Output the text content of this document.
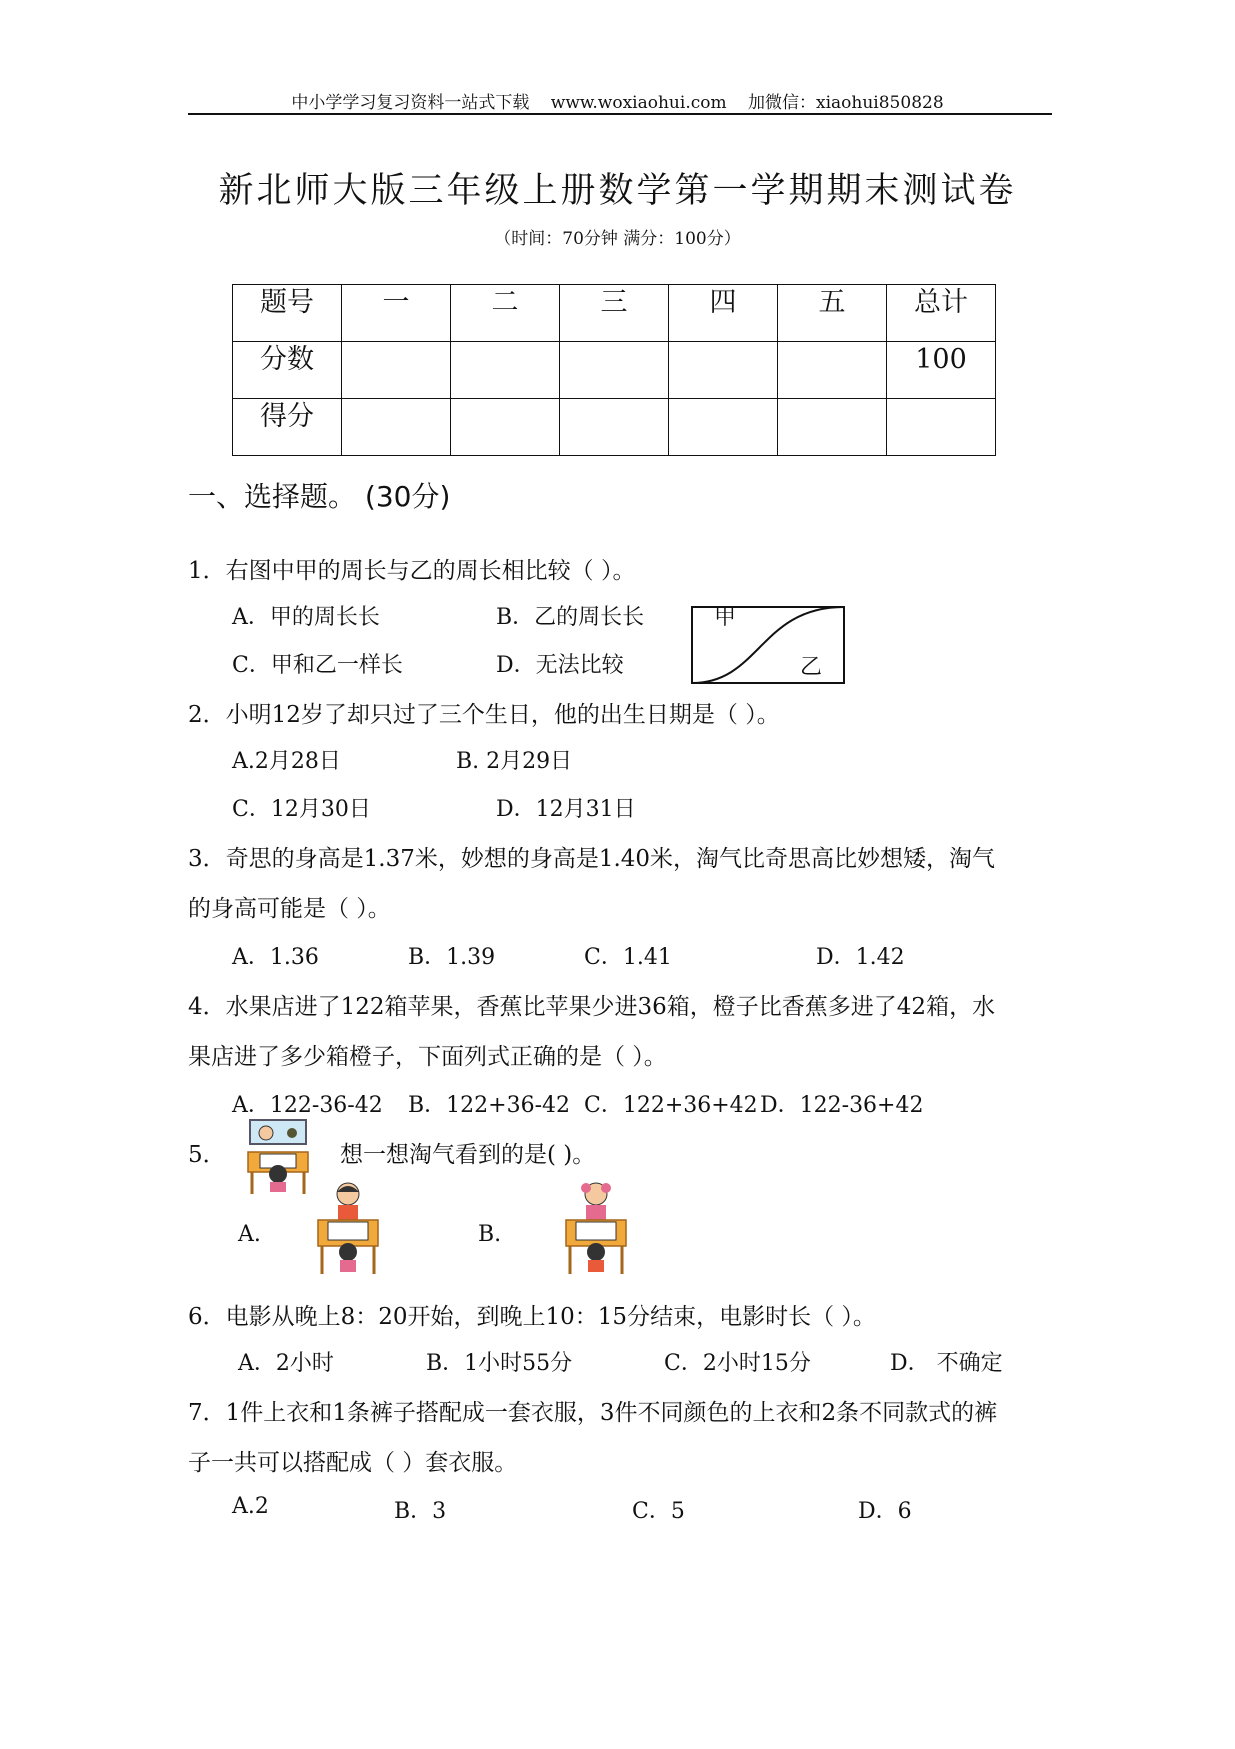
中小学学习复习资料一站式下载 www.woxiaohui.com 加微信：xiaohui850828
新北师大版三年级上册数学第一学期期末测试卷
（时间：70分钟 满分：100分）
题号	一	二	三	四	五	总计
分数						100
得分						
一、选择题。 (30分)
1．右图中甲的周长与乙的周长相比较（ ）。
A．甲的周长长	B．乙的周长长
C．甲和乙一样长	D．无法比较
甲
乙
2．小明12岁了却只过了三个生日，他的出生日期是（ ）。
A.2月28日	B. 2月29日
C．12月30日	D．12月31日
3．奇思的身高是1.37米，妙想的身高是1.40米，淘气比奇思高比妙想矮，淘气
的身高可能是（ ）。
A．1.36	B．1.39	C．1.41	D．1.42
4．水果店进了122箱苹果，香蕉比苹果少进36箱，橙子比香蕉多进了42箱，水
果店进了多少箱橙子，下面列式正确的是（ ）。
A．122-36-42 B．122+36-42 C．122+36+42 D．122-36+42
5．	想一想淘气看到的是( )。
A.	B.
6．电影从晚上8：20开始，到晚上10：15分结束，电影时长（ ）。
A．2小时	B．1小时55分	C．2小时15分	D． 不确定
7．1件上衣和1条裤子搭配成一套衣服，3件不同颜色的上衣和2条不同款式的裤
子一共可以搭配成（ ）套衣服。
A.2	B．3	C．5	D．6
